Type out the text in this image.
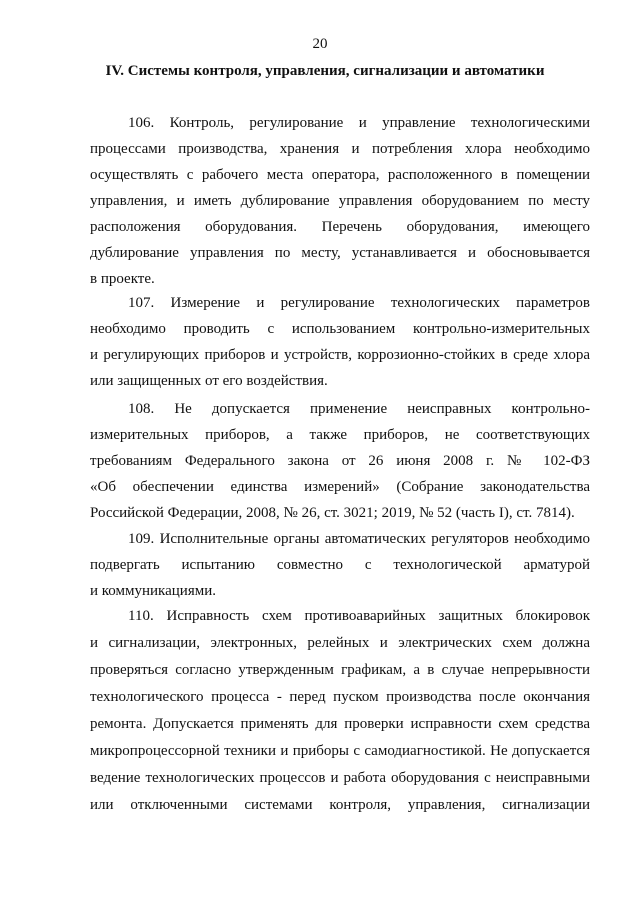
20
IV. Системы контроля, управления, сигнализации и автоматики
106. Контроль, регулирование и управление технологическими
процессами производства, хранения и потребления хлора необходимо
осуществлять с рабочего места оператора, расположенного в помещении
управления, и иметь дублирование управления оборудованием по месту
расположения оборудования. Перечень оборудования, имеющего
дублирование управления по месту, устанавливается и обосновывается
в проекте.
107. Измерение и регулирование технологических параметров
необходимо проводить с использованием контрольно-измерительных
и регулирующих приборов и устройств, коррозионно-стойких в среде хлора
или защищенных от его воздействия.
108. Не допускается применение неисправных контрольно-
измерительных приборов, а также приборов, не соответствующих
требованиям Федерального закона от 26 июня 2008 г. № 102-ФЗ
«Об обеспечении единства измерений» (Собрание законодательства
Российской Федерации, 2008, № 26, ст. 3021; 2019, № 52 (часть I), ст. 7814).
109. Исполнительные органы автоматических регуляторов необходимо
подвергать испытанию совместно с технологической арматурой
и коммуникациями.
110. Исправность схем противоаварийных защитных блокировок
и сигнализации, электронных, релейных и электрических схем должна
проверяться согласно утвержденным графикам, а в случае непрерывности
технологического процесса - перед пуском производства после окончания
ремонта. Допускается применять для проверки исправности схем средства
микропроцессорной техники и приборы с самодиагностикой. Не допускается
ведение технологических процессов и работа оборудования с неисправными
или отключенными системами контроля, управления, сигнализации
